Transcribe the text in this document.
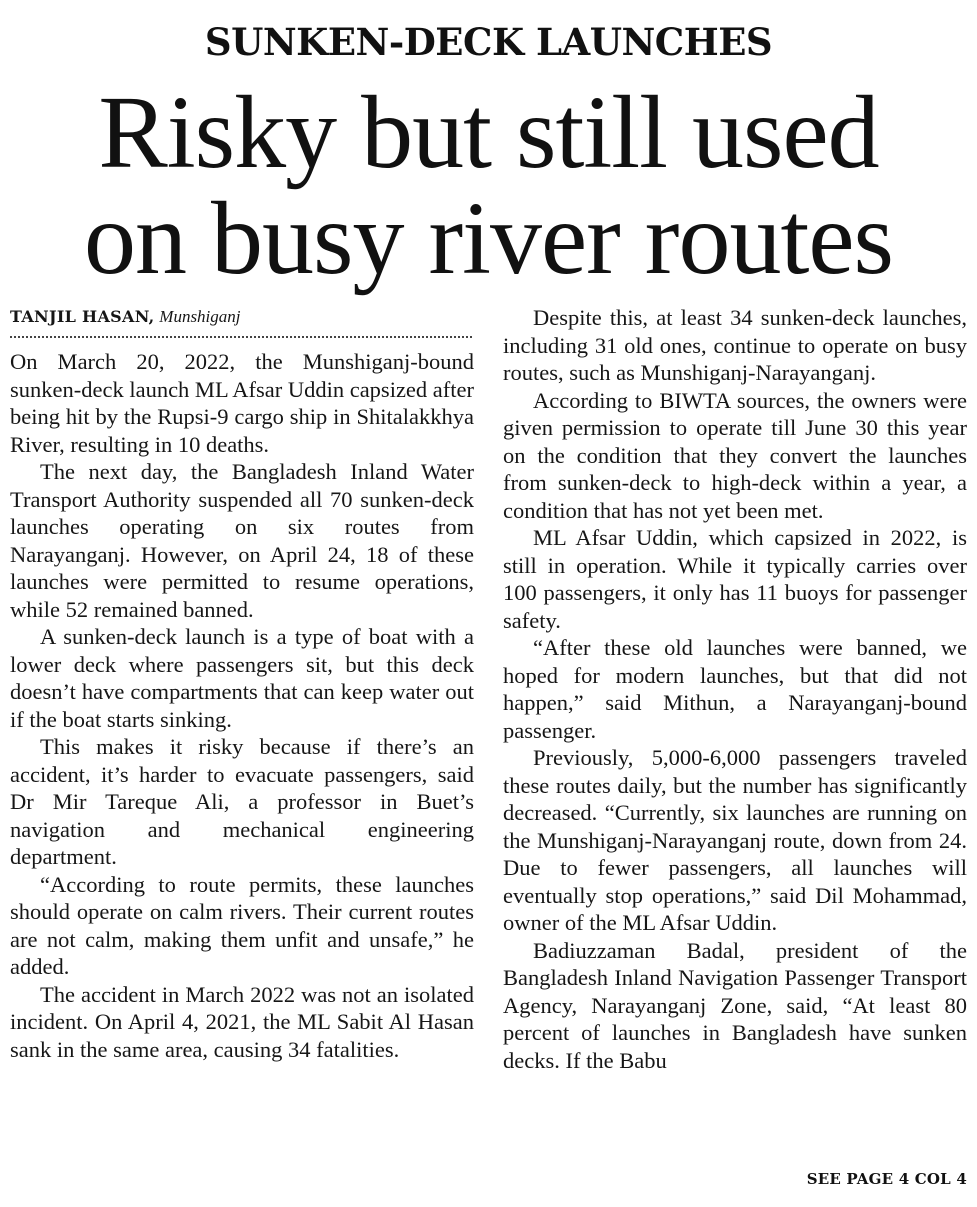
SUNKEN-DECK LAUNCHES
Risky but still used
on busy river routes
TANJIL HASAN, Munshiganj

On March 20, 2022, the Munshiganj-bound sunken-deck launch ML Afsar Uddin capsized after being hit by the Rupsi-9 cargo ship in Shitalakkhya River, resulting in 10 deaths.

The next day, the Bangladesh Inland Water Transport Authority suspended all 70 sunken-deck launches operating on six routes from Narayanganj. However, on April 24, 18 of these launches were permitted to resume operations, while 52 remained banned.

A sunken-deck launch is a type of boat with a lower deck where passengers sit, but this deck doesn’t have compartments that can keep water out if the boat starts sinking.

This makes it risky because if there’s an accident, it’s harder to evacuate passengers, said Dr Mir Tareque Ali, a professor in Buet’s navigation and mechanical engineering department.

“According to route permits, these launches should operate on calm rivers. Their current routes are not calm, making them unfit and unsafe,” he added.

The accident in March 2022 was not an isolated incident. On April 4, 2021, the ML Sabit Al Hasan sank in the same area, causing 34 fatalities.

Despite this, at least 34 sunken-deck launches, including 31 old ones, continue to operate on busy routes, such as Munshiganj-Narayanganj.

According to BIWTA sources, the owners were given permission to operate till June 30 this year on the condition that they convert the launches from sunken-deck to high-deck within a year, a condition that has not yet been met.

ML Afsar Uddin, which capsized in 2022, is still in operation. While it typically carries over 100 passengers, it only has 11 buoys for passenger safety.

“After these old launches were banned, we hoped for modern launches, but that did not happen,” said Mithun, a Narayanganj-bound passenger.

Previously, 5,000-6,000 passengers traveled these routes daily, but the number has significantly decreased. “Currently, six launches are running on the Munshiganj-Narayanganj route, down from 24. Due to fewer passengers, all launches will eventually stop operations,” said Dil Mohammad, owner of the ML Afsar Uddin.

Badiuzzaman Badal, president of the Bangladesh Inland Navigation Passenger Transport Agency, Narayanganj Zone, said, “At least 80 percent of launches in Bangladesh have sunken decks. If the Babu

SEE PAGE 4 COL 4
